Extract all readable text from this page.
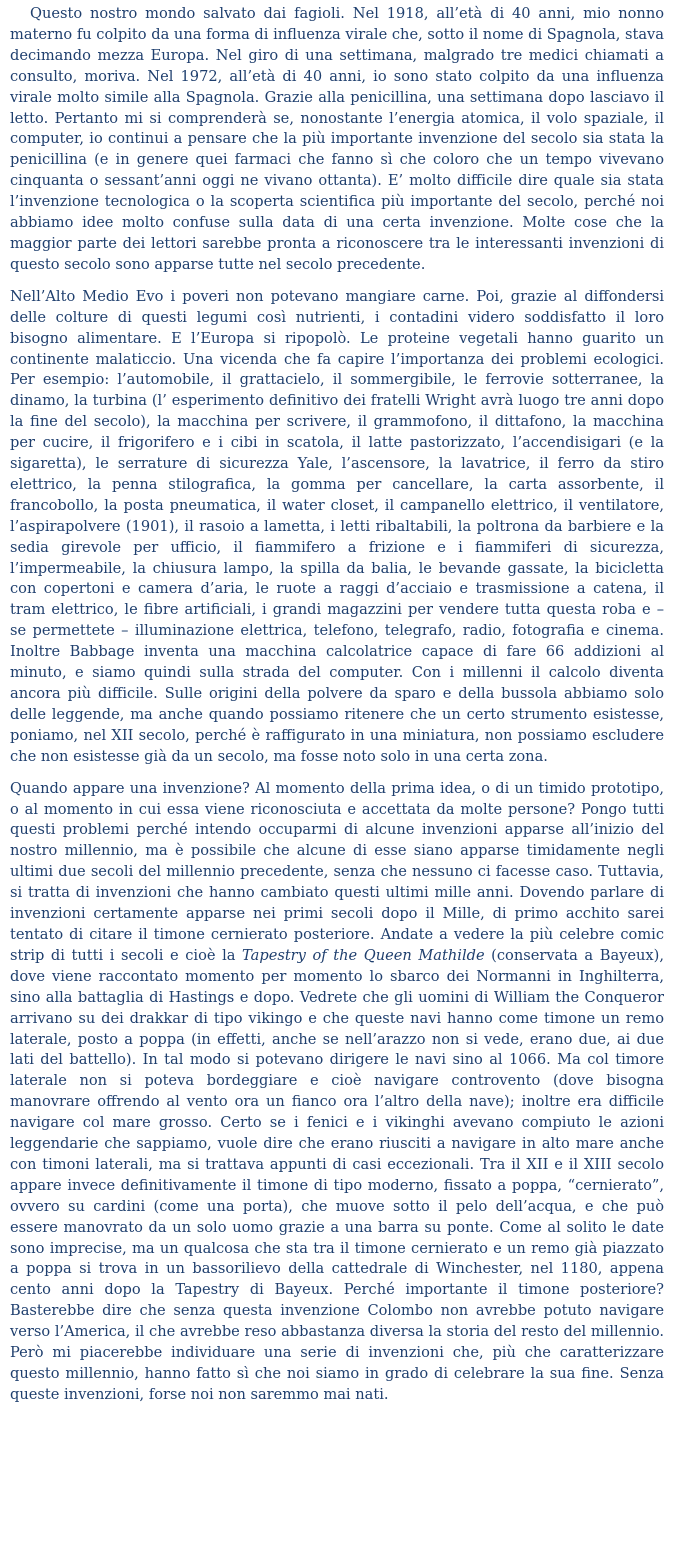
Questo nostro mondo salvato dai fagioli. Nel 1918, all’età di 40 anni, mio nonno materno fu colpito da una forma di influenza virale che, sotto il nome di Spagnola, stava decimando mezza Europa. Nel giro di una settimana, malgrado tre medici chiamati a consulto, moriva. Nel 1972, all’età di 40 anni, io sono stato colpito da una influenza virale molto simile alla Spagnola. Grazie alla penicillina, una settimana dopo lasciavo il letto. Pertanto mi si comprenderà se, nonostante l’energia atomica, il volo spaziale, il computer, io continui a pensare che la più importante invenzione del secolo sia stata la penicillina (e in genere quei farmaci che fanno sì che coloro che un tempo vivevano cinquanta o sessant’anni oggi ne vivano ottanta). E’ molto difficile dire quale sia stata l’invenzione tecnologica o la scoperta scientifica più importante del secolo, perché noi abbiamo idee molto confuse sulla data di una certa invenzione. Molte cose che la maggior parte dei lettori sarebbe pronta a riconoscere tra le interessanti invenzioni di questo secolo sono apparse tutte nel secolo precedente.

Nell’Alto Medio Evo i poveri non potevano mangiare carne. Poi, grazie al diffondersi delle colture di questi legumi così nutrienti, i contadini videro soddisfatto il loro bisogno alimentare. E l’Europa si ripopolò. Le proteine vegetali hanno guarito un continente malaticcio. Una vicenda che fa capire l’importanza dei problemi ecologici. Per esempio: l’automobile, il grattacielo, il sommergibile, le ferrovie sotterranee, la dinamo, la turbina (l’ esperimento definitivo dei fratelli Wright avrà luogo tre anni dopo la fine del secolo), la macchina per scrivere, il grammofono, il dittafono, la macchina per cucire, il frigorifero e i cibi in scatola, il latte pastorizzato, l’accendisigari (e la sigaretta), le serrature di sicurezza Yale, l’ascensore, la lavatrice, il ferro da stiro elettrico, la penna stilografica, la gomma per cancellare, la carta assorbente, il francobollo, la posta pneumatica, il water closet, il campanello elettrico, il ventilatore, l’aspirapolvere (1901), il rasoio a lametta, i letti ribaltabili, la poltrona da barbiere e la sedia girevole per ufficio, il fiammifero a frizione e i fiammiferi di sicurezza, l’impermeabile, la chiusura lampo, la spilla da balia, le bevande gassate, la bicicletta con copertoni e camera d’aria, le ruote a raggi d’acciaio e trasmissione a catena, il tram elettrico, le fibre artificiali, i grandi magazzini per vendere tutta questa roba e – se permettete – illuminazione elettrica, telefono, telegrafo, radio, fotografia e cinema. Inoltre Babbage inventa una macchina calcolatrice capace di fare 66 addizioni al minuto, e siamo quindi sulla strada del computer. Con i millenni il calcolo diventa ancora più difficile. Sulle origini della polvere da sparo e della bussola abbiamo solo delle leggende, ma anche quando possiamo ritenere che un certo strumento esistesse, poniamo, nel XII secolo, perché è raffigurato in una miniatura, non possiamo escludere che non esistesse già da un secolo, ma fosse noto solo in una certa zona.

Quando appare una invenzione? Al momento della prima idea, o di un timido prototipo, o al momento in cui essa viene riconosciuta e accettata da molte persone? Pongo tutti questi problemi perché intendo occuparmi di alcune invenzioni apparse all’inizio del nostro millennio, ma è possibile che alcune di esse siano apparse timidamente negli ultimi due secoli del millennio precedente, senza che nessuno ci facesse caso. Tuttavia, si tratta di invenzioni che hanno cambiato questi ultimi mille anni. Dovendo parlare di invenzioni certamente apparse nei primi secoli dopo il Mille, di primo acchito sarei tentato di citare il timone cernierato posteriore. Andate a vedere la più celebre comic strip di tutti i secoli e cioè la Tapestry of the Queen Mathilde (conservata a Bayeux), dove viene raccontato momento per momento lo sbarco dei Normanni in Inghilterra, sino alla battaglia di Hastings e dopo. Vedrete che gli uomini di William the Conqueror arrivano su dei drakkar di tipo vikingo e che queste navi hanno come timone un remo laterale, posto a poppa (in effetti, anche se nell’arazzo non si vede, erano due, ai due lati del battello). In tal modo si potevano dirigere le navi sino al 1066. Ma col timore laterale non si poteva bordeggiare e cioè navigare controvento (dove bisogna manovrare offrendo al vento ora un fianco ora l’altro della nave); inoltre era difficile navigare col mare grosso. Certo se i fenici e i vikinghi avevano compiuto le azioni leggendarie che sappiamo, vuole dire che erano riusciti a navigare in alto mare anche con timoni laterali, ma si trattava appunti di casi eccezionali. Tra il XII e il XIII secolo appare invece definitivamente il timone di tipo moderno, fissato a poppa, “cernierato”, ovvero su cardini (come una porta), che muove sotto il pelo dell’acqua, e che può essere manovrato da un solo uomo grazie a una barra su ponte. Come al solito le date sono imprecise, ma un qualcosa che sta tra il timone cernierato e un remo già piazzato a poppa si trova in un bassorilievo della cattedrale di Winchester, nel 1180, appena cento anni dopo la Tapestry di Bayeux. Perché importante il timone posteriore? Basterebbe dire che senza questa invenzione Colombo non avrebbe potuto navigare verso l’America, il che avrebbe reso abbastanza diversa la storia del resto del millennio. Però mi piacerebbe individuare una serie di invenzioni che, più che caratterizzare questo millennio, hanno fatto sì che noi siamo in grado di celebrare la sua fine. Senza queste invenzioni, forse noi non saremmo mai nati.
